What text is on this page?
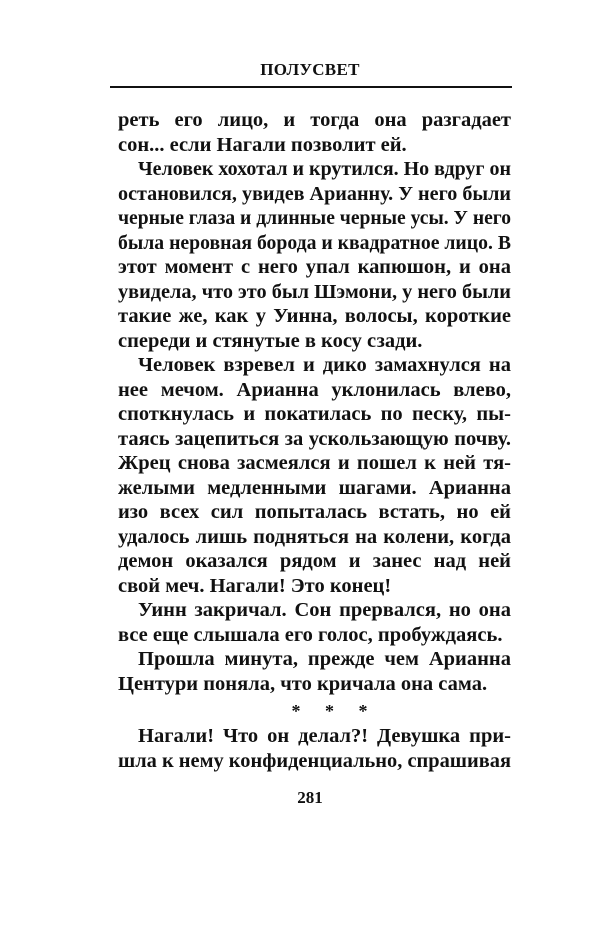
ПОЛУСВЕТ
реть его лицо, и тогда она разгадает
сон... если Нагали позволит ей.
Человек хохотал и крутился. Но вдруг он
остановился, увидев Арианну. У него были
черные глаза и длинные черные усы. У него
была неровная борода и квадратное лицо. В
этот момент с него упал капюшон, и она
увидела, что это был Шэмони, у него были
такие же, как у Уинна, волосы, короткие
спереди и стянутые в косу сзади.
Человек взревел и дико замахнулся на
нее мечом. Арианна уклонилась влево,
споткнулась и покатилась по песку, пы-
таясь зацепиться за ускользающую почву.
Жрец снова засмеялся и пошел к ней тя-
желыми медленными шагами. Арианна
изо всех сил попыталась встать, но ей
удалось лишь подняться на колени, когда
демон оказался рядом и занес над ней
свой меч. Нагали! Это конец!
Уинн закричал. Сон прервался, но она
все еще слышала его голос, пробуждаясь.
Прошла минута, прежде чем Арианна
Центури поняла, что кричала она сама.
* * *
Нагали! Что он делал?! Девушка при-
шла к нему конфиденциально, спрашивая
281
